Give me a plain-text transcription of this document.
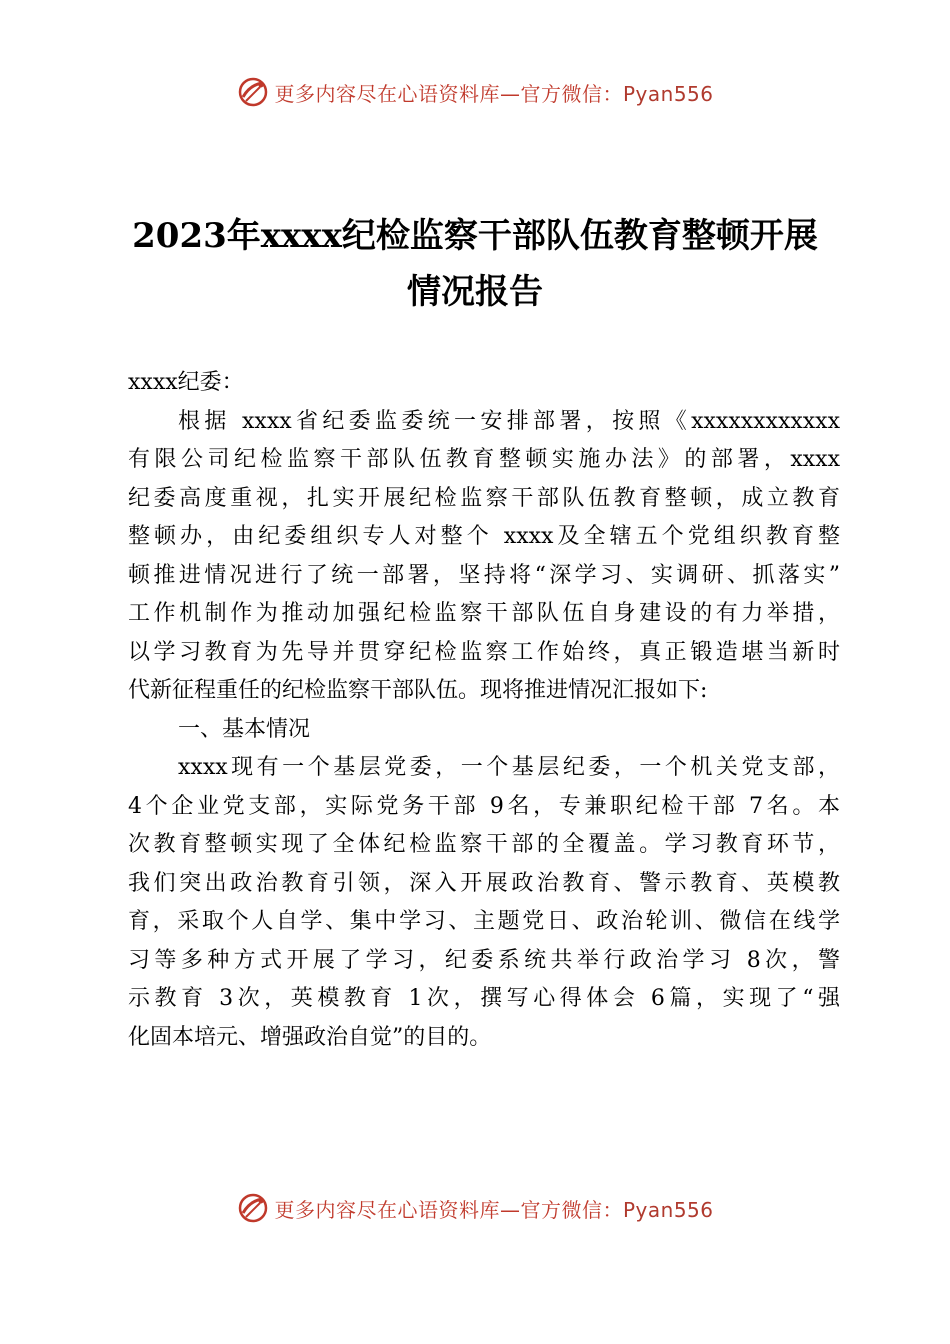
更多内容尽在心语资料库—官方微信：Pyan556
2023年xxxx纪检监察干部队伍教育整顿开展
情况报告
xxxx纪委：
根据 xxxx省纪委监委统一安排部署，按照《xxxxxxxxxxxx
有限公司纪检监察干部队伍教育整顿实施办法》的部署，xxxx
纪委高度重视，扎实开展纪检监察干部队伍教育整顿，成立教育
整顿办，由纪委组织专人对整个 xxxx及全辖五个党组织教育整
顿推进情况进行了统一部署，坚持将“深学习、实调研、抓落实”
工作机制作为推动加强纪检监察干部队伍自身建设的有力举措，
以学习教育为先导并贯穿纪检监察工作始终，真正锻造堪当新时
代新征程重任的纪检监察干部队伍。现将推进情况汇报如下:
一、基本情况
xxxx现有一个基层党委，一个基层纪委，一个机关党支部，
4个企业党支部，实际党务干部 9名，专兼职纪检干部 7名。本
次教育整顿实现了全体纪检监察干部的全覆盖。学习教育环节，
我们突出政治教育引领，深入开展政治教育、警示教育、英模教
育，采取个人自学、集中学习、主题党日、政治轮训、微信在线学
习等多种方式开展了学习，纪委系统共举行政治学习 8次，警
示教育 3次，英模教育 1次，撰写心得体会 6篇，实现了“强
化固本培元、增强政治自觉”的目的。
更多内容尽在心语资料库—官方微信：Pyan556
